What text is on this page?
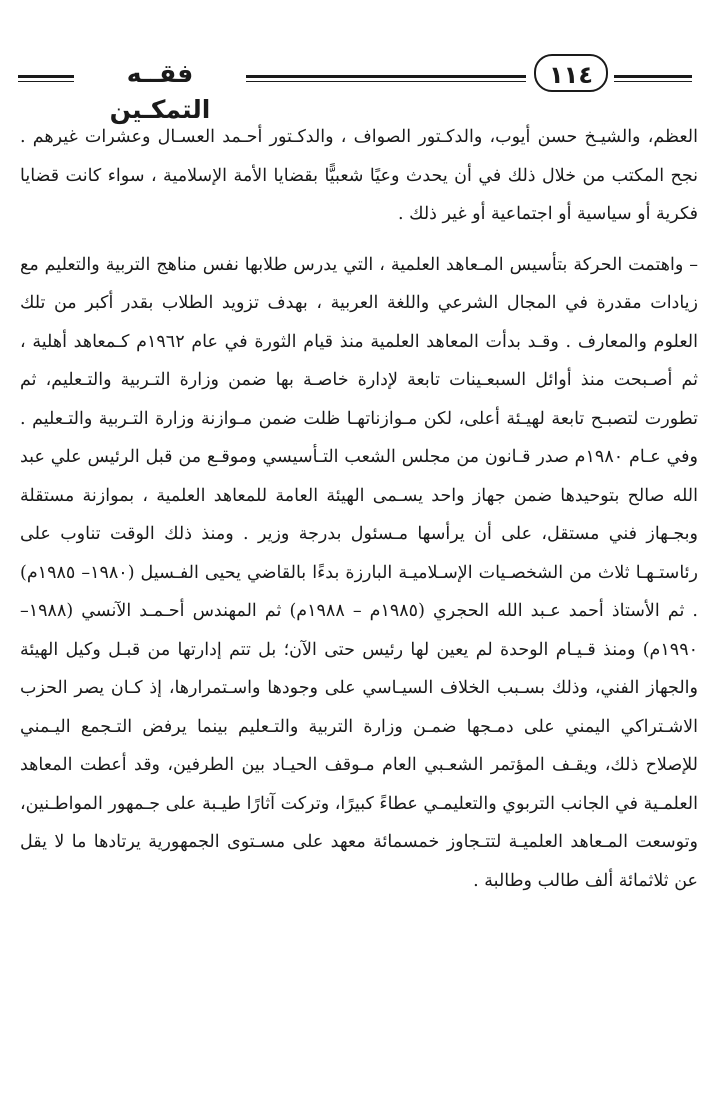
فقــه التمكـين
١١٤

العظم، والشيـخ حسن أيوب، والدكـتور الصواف ، والدكـتور أحـمد العسـال وعشرات غيرهم . نجح المكتب من خلال ذلك في أن يحدث وعيًا شعبيًّا بقضايا الأمة الإسلامية ، سواء كانت قضايا فكرية أو سياسية أو اجتماعية أو غير ذلك .

– واهتمت الحركة بتأسيس المـعاهد العلمية ، التي يدرس طلابها نفس مناهج التربية والتعليم مع زيادات مقدرة في المجال الشرعي واللغة العربية ، بهدف تزويد الطلاب بقدر أكبر من تلك العلوم والمعارف . وقـد بدأت المعاهد العلمية منذ قيام الثورة في عام ١٩٦٢م كـمعاهد أهلية ، ثم أصـبحت منذ أوائل السبعـينات تابعة لإدارة خاصـة بها ضمن وزارة التـربية والتـعليم، ثم تطورت لتصبـح تابعة لهيـئة أعلى، لكن مـوازناتهـا ظلت ضمن مـوازنة وزارة التـربية والتـعليم . وفي عـام ١٩٨٠م صدر قـانون من مجلس الشعب التـأسيسي وموقـع من قبل الرئيس علي عبد الله صالح بتوحيدها ضمن جهاز واحد يسـمى الهيئة العامة للمعاهد العلمية ، بموازنة مستقلة وبجـهاز فني مستقل، على أن يرأسها مـسئول بدرجة وزير . ومنذ ذلك الوقت تناوب على رئاستـهـا ثلاث من الشخصـيات الإسـلاميـة البارزة بدءًا بالقاضي يحيى الفـسيل (١٩٨٠– ١٩٨٥م) . ثم الأستاذ أحمد عـبد الله الحجري (١٩٨٥م – ١٩٨٨م) ثم المهندس أحـمـد الآنسي (١٩٨٨– ١٩٩٠م) ومنذ قـيـام الوحدة لم يعين لها رئيس حتى الآن؛ بل تتم إدارتها من قبـل وكيل الهيئة والجهاز الفني، وذلك بسـبب الخلاف السيـاسي على وجودها واسـتمرارها، إذ كـان يصر الحزب الاشـتراكي اليمني على دمـجها ضمـن وزارة التربية والتـعليم بينما يرفض التـجمع اليـمني للإصلاح ذلك، ويقـف المؤتمر الشعـبي العام مـوقف الحيـاد بين الطرفين، وقد أعطت المعاهد العلمـية في الجانب التربوي والتعليمـي عطاءً كبيرًا، وتركت آثارًا طيـبة على جـمهور المواطـنين، وتوسعت المـعاهد العلميـة لتتـجاوز خمسمائة معهد على مسـتوى الجمهورية يرتادها ما لا يقل عن ثلاثمائة ألف طالب وطالبة .
